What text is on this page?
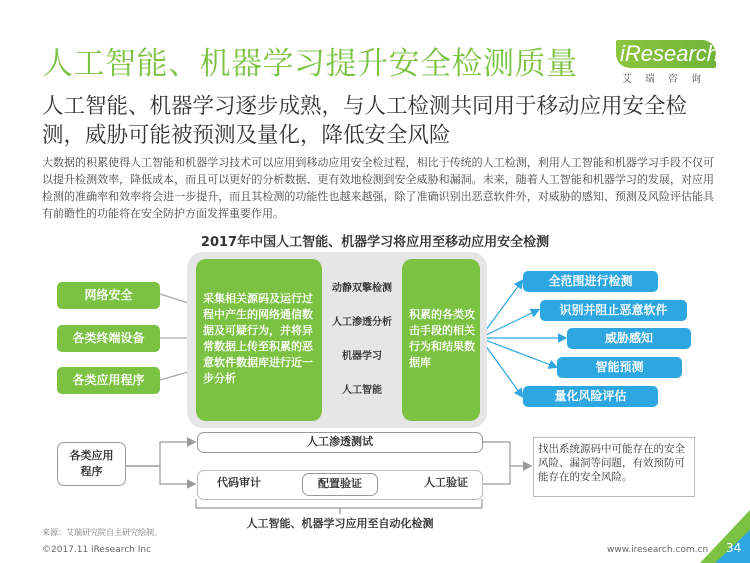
人工智能、机器学习提升安全检测质量 iResearch
艾瑞咨询
人工智能、机器学习逐步成熟，与人工检测共同用于移动应用安全检测，威胁可能被预测及量化，降低安全风险
大数据的积累使得人工智能和机器学习技术可以应用到移动应用安全检过程，相比于传统的人工检测，利用人工智能和机器学习手段不仅可以提升检测效率，降低成本，而且可以更好的分析数据、更有效地检测到安全威胁和漏洞。未来，随着人工智能和机器学习的发展，对应用检测的准确率和效率将会进一步提升，而且其检测的功能性也越来越强，除了准确识别出恶意软件外，对威胁的感知、预测及风险评估能具有前瞻性的功能将在安全防护方面发挥重要作用。
2017年中国人工智能、机器学习将应用至移动应用安全检测
网络安全
各类终端设备
各类应用程序
采集相关源码及运行过程中产生的网络通信数据及可疑行为，并将异常数据上传至积累的恶意软件数据库进行近一步分析
动静双擎检测
人工渗透分析
机器学习
人工智能
积累的各类攻击手段的相关行为和结果数据库
全范围进行检测
识别并阻止恶意软件
威胁感知
智能预测
量化风险评估
各类应用程序
人工渗透测试
代码审计	配置验证	人工验证
找出系统源码中可能存在的安全风险、漏洞等问题，有效预防可能存在的安全风险。
人工智能、机器学习应用至自动化检测
来源：艾瑞研究院自主研究绘制。
©2017.11 iResearch Inc	www.iresearch.com.cn 34
